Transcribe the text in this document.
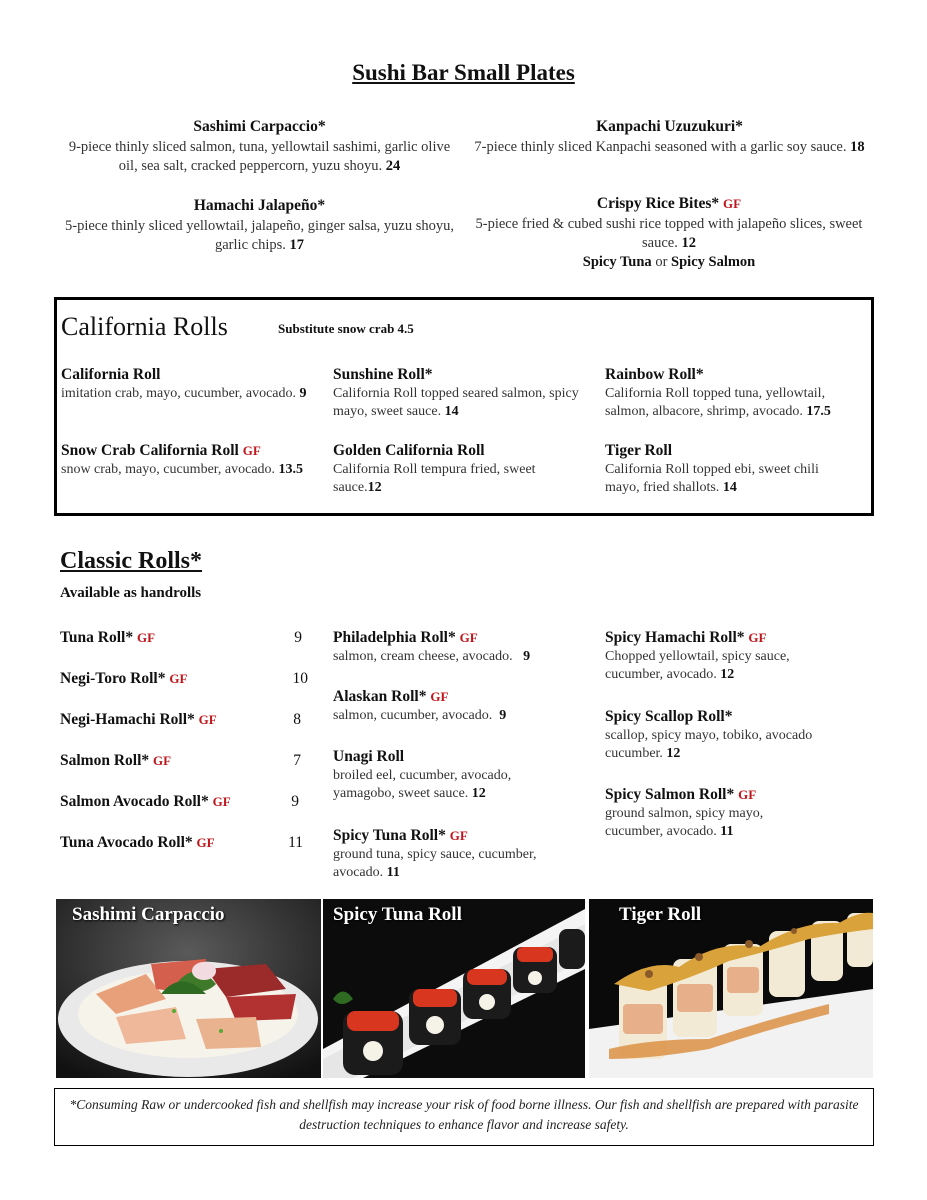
Sushi Bar Small Plates
Sashimi Carpaccio*
9-piece thinly sliced salmon, tuna, yellowtail sashimi, garlic olive oil, sea salt, cracked peppercorn, yuzu shoyu. 24
Kanpachi Uzuzukuri*
7-piece thinly sliced Kanpachi seasoned with a garlic soy sauce. 18
Hamachi Jalapeño*
5-piece thinly sliced yellowtail, jalapeño, ginger salsa, yuzu shoyu, garlic chips. 17
Crispy Rice Bites* GF
5-piece fried & cubed sushi rice topped with jalapeño slices, sweet sauce. 12
Spicy Tuna or Spicy Salmon
California Rolls	Substitute snow crab 4.5
California Roll
imitation crab, mayo, cucumber, avocado. 9
Sunshine Roll*
California Roll topped seared salmon, spicy mayo, sweet sauce. 14
Rainbow Roll*
California Roll topped tuna, yellowtail, salmon, albacore, shrimp, avocado. 17.5
Snow Crab California Roll GF
snow crab, mayo, cucumber, avocado. 13.5
Golden California Roll
California Roll tempura fried, sweet sauce.12
Tiger Roll
California Roll topped ebi, sweet chili mayo, fried shallots. 14
Classic Rolls*
Available as handrolls
Tuna Roll* GF	9
Negi-Toro Roll* GF	10
Negi-Hamachi Roll* GF	8
Salmon Roll* GF	7
Salmon Avocado Roll* GF	9
Tuna Avocado Roll* GF	11
Philadelphia Roll* GF
salmon, cream cheese, avocado. 9
Alaskan Roll* GF
salmon, cucumber, avocado. 9
Unagi Roll
broiled eel, cucumber, avocado, yamagobo, sweet sauce. 12
Spicy Tuna Roll* GF
ground tuna, spicy sauce, cucumber, avocado. 11
Spicy Hamachi Roll* GF
Chopped yellowtail, spicy sauce, cucumber, avocado. 12
Spicy Scallop Roll*
scallop, spicy mayo, tobiko, avocado cucumber. 12
Spicy Salmon Roll* GF
ground salmon, spicy mayo, cucumber, avocado. 11
Sashimi Carpaccio	Spicy Tuna Roll	Tiger Roll
*Consuming Raw or undercooked fish and shellfish may increase your risk of food borne illness. Our fish and shellfish are prepared with parasite destruction techniques to enhance flavor and increase safety.
